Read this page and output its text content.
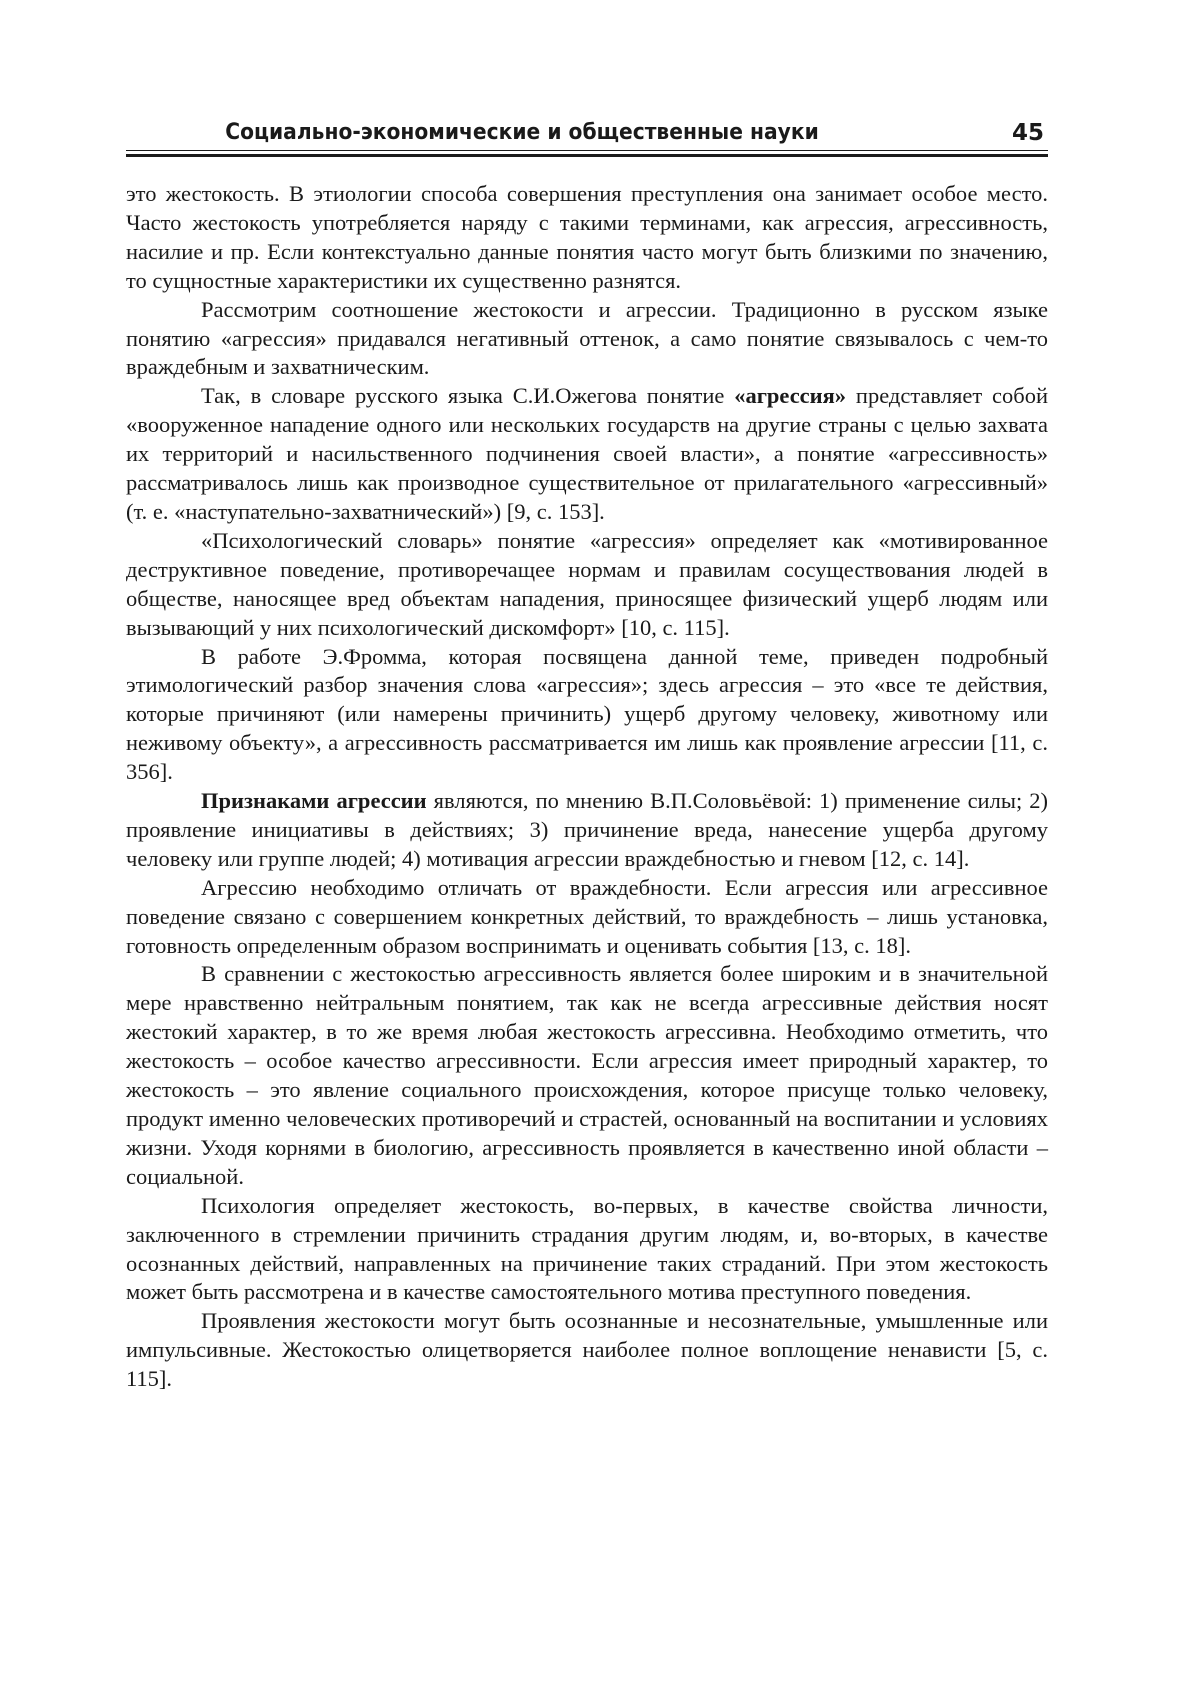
Социально-экономические и общественные науки	45

это жестокость. В этиологии способа совершения преступления она занимает особое место. Часто жестокость употребляется наряду с такими терминами, как агрессия, агрессивность, насилие и пр. Если контекстуально данные понятия часто могут быть близкими по значению, то сущностные характеристики их существенно разнятся.

Рассмотрим соотношение жестокости и агрессии. Традиционно в русском языке понятию «агрессия» придавался негативный оттенок, а само понятие связывалось с чем-то враждебным и захватническим.

Так, в словаре русского языка С.И.Ожегова понятие «агрессия» представляет собой «вооруженное нападение одного или нескольких государств на другие страны с целью захвата их территорий и насильственного подчинения своей власти», а понятие «агрессивность» рассматривалось лишь как производное существительное от прилагательного «агрессивный» (т. е. «наступательно-захватнический») [9, с. 153].

«Психологический словарь» понятие «агрессия» определяет как «мотивированное деструктивное поведение, противоречащее нормам и правилам сосуществования людей в обществе, наносящее вред объектам нападения, приносящее физический ущерб людям или вызывающий у них психологический дискомфорт» [10, с. 115].

В работе Э.Фромма, которая посвящена данной теме, приведен подробный этимологический разбор значения слова «агрессия»; здесь агрессия – это «все те действия, которые причиняют (или намерены причинить) ущерб другому человеку, животному или неживому объекту», а агрессивность рассматривается им лишь как проявление агрессии [11, с. 356].

Признаками агрессии являются, по мнению В.П.Соловьёвой: 1) применение силы; 2) проявление инициативы в действиях; 3) причинение вреда, нанесение ущерба другому человеку или группе людей; 4) мотивация агрессии враждебностью и гневом [12, с. 14].

Агрессию необходимо отличать от враждебности. Если агрессия или агрессивное поведение связано с совершением конкретных действий, то враждебность – лишь установка, готовность определенным образом воспринимать и оценивать события [13, с. 18].

В сравнении с жестокостью агрессивность является более широким и в значительной мере нравственно нейтральным понятием, так как не всегда агрессивные действия носят жестокий характер, в то же время любая жестокость агрессивна. Необходимо отметить, что жестокость – особое качество агрессивности. Если агрессия имеет природный характер, то жестокость – это явление социального происхождения, которое присуще только человеку, продукт именно человеческих противоречий и страстей, основанный на воспитании и условиях жизни. Уходя корнями в биологию, агрессивность проявляется в качественно иной области – социальной.

Психология определяет жестокость, во-первых, в качестве свойства личности, заключенного в стремлении причинить страдания другим людям, и, во-вторых, в качестве осознанных действий, направленных на причинение таких страданий. При этом жестокость может быть рассмотрена и в качестве самостоятельного мотива преступного поведения.

Проявления жестокости могут быть осознанные и несознательные, умышленные или импульсивные. Жестокостью олицетворяется наиболее полное воплощение ненависти [5, с. 115].
